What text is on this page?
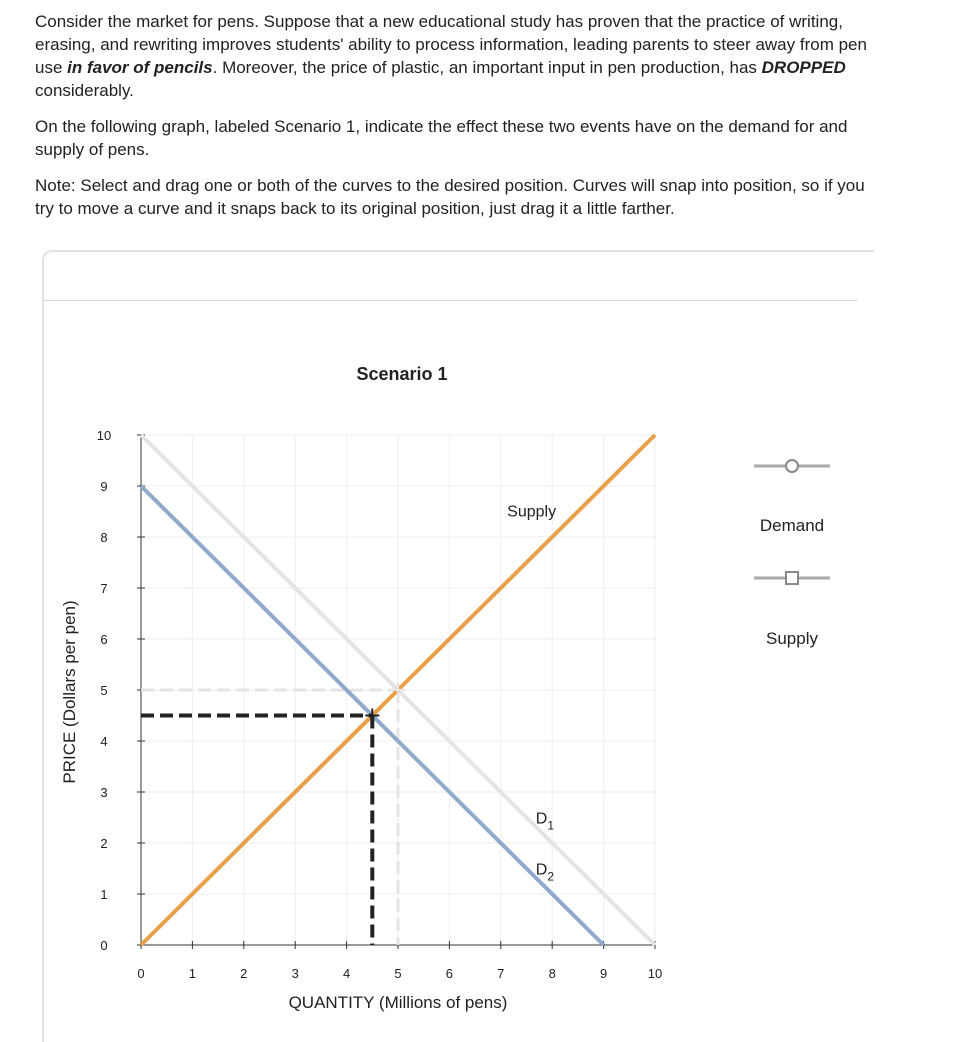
Consider the market for pens. Suppose that a new educational study has proven that the practice of writing, erasing, and rewriting improves students' ability to process information, leading parents to steer away from pen use in favor of pencils. Moreover, the price of plastic, an important input in pen production, has DROPPED considerably.

On the following graph, labeled Scenario 1, indicate the effect these two events have on the demand for and supply of pens.

Note: Select and drag one or both of the curves to the desired position. Curves will snap into position, so if you try to move a curve and it snaps back to its original position, just drag it a little farther.

0
1
2
3
4
5
6
7
8
9
10
0	1	2	3	4	5	6	7	8	9	10
Supply
$D_1$
$D_2$
Scenario 1
QUANTITY (Millions of pens)
PRICE (Dollars per pen)
Demand
Supply
